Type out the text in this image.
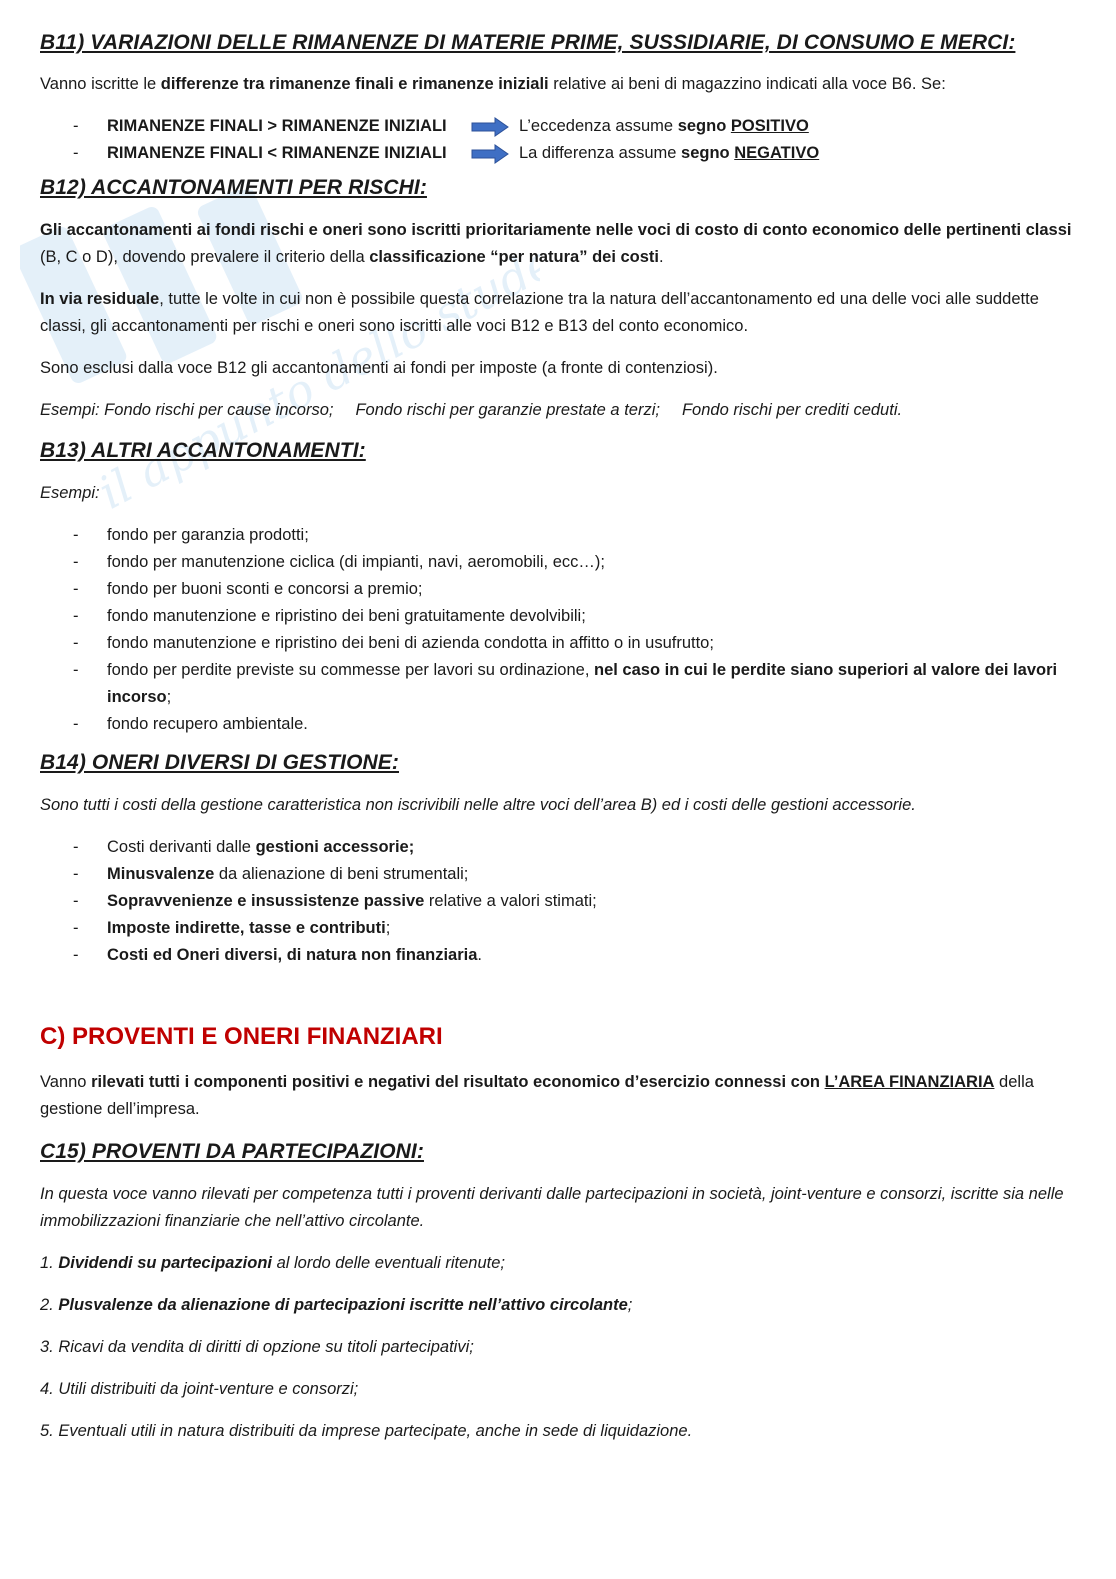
il appunto dello studente
B11) VARIAZIONI DELLE RIMANENZE DI MATERIE PRIME, SUSSIDIARIE, DI CONSUMO E MERCI:

Vanno iscritte le differenze tra rimanenze finali e rimanenze iniziali relative ai beni di magazzino indicati alla voce B6. Se:

- RIMANENZE FINALI > RIMANENZE INIZIALI	L’eccedenza assume segno POSITIVO
- RIMANENZE FINALI < RIMANENZE INIZIALI	La differenza assume segno NEGATIVO
B12) ACCANTONAMENTI PER RISCHI:

Gli accantonamenti ai fondi rischi e oneri sono iscritti prioritariamente nelle voci di costo di conto economico delle pertinenti classi (B, C o D), dovendo prevalere il criterio della classificazione “per natura” dei costi.

In via residuale, tutte le volte in cui non è possibile questa correlazione tra la natura dell’accantonamento ed una delle voci alle suddette classi, gli accantonamenti per rischi e oneri sono iscritti alle voci B12 e B13 del conto economico.

Sono esclusi dalla voce B12 gli accantonamenti ai fondi per imposte (a fronte di contenziosi).

Esempi: Fondo rischi per cause incorso; Fondo rischi per garanzie prestate a terzi; Fondo rischi per crediti ceduti.

B13) ALTRI ACCANTONAMENTI:

Esempi:

- fondo per garanzia prodotti;
- fondo per manutenzione ciclica (di impianti, navi, aeromobili, ecc…);
- fondo per buoni sconti e concorsi a premio;
- fondo manutenzione e ripristino dei beni gratuitamente devolvibili;
- fondo manutenzione e ripristino dei beni di azienda condotta in affitto o in usufrutto;
- fondo per perdite previste su commesse per lavori su ordinazione, nel caso in cui le perdite siano superiori al valore dei lavori incorso;
- fondo recupero ambientale.
B14) ONERI DIVERSI DI GESTIONE:

Sono tutti i costi della gestione caratteristica non iscrivibili nelle altre voci dell’area B) ed i costi delle gestioni accessorie.

- Costi derivanti dalle gestioni accessorie;
- Minusvalenze da alienazione di beni strumentali;
- Sopravvenienze e insussistenze passive relative a valori stimati;
- Imposte indirette, tasse e contributi;
- Costi ed Oneri diversi, di natura non finanziaria.
C) PROVENTI E ONERI FINANZIARI

Vanno rilevati tutti i componenti positivi e negativi del risultato economico d’esercizio connessi con L’AREA FINANZIARIA della gestione dell’impresa.

C15) PROVENTI DA PARTECIPAZIONI:

In questa voce vanno rilevati per competenza tutti i proventi derivanti dalle partecipazioni in società, joint-venture e consorzi, iscritte sia nelle immobilizzazioni finanziarie che nell’attivo circolante.

1. Dividendi su partecipazioni al lordo delle eventuali ritenute;

2. Plusvalenze da alienazione di partecipazioni iscritte nell’attivo circolante;

3. Ricavi da vendita di diritti di opzione su titoli partecipativi;

4. Utili distribuiti da joint-venture e consorzi;

5. Eventuali utili in natura distribuiti da imprese partecipate, anche in sede di liquidazione.
